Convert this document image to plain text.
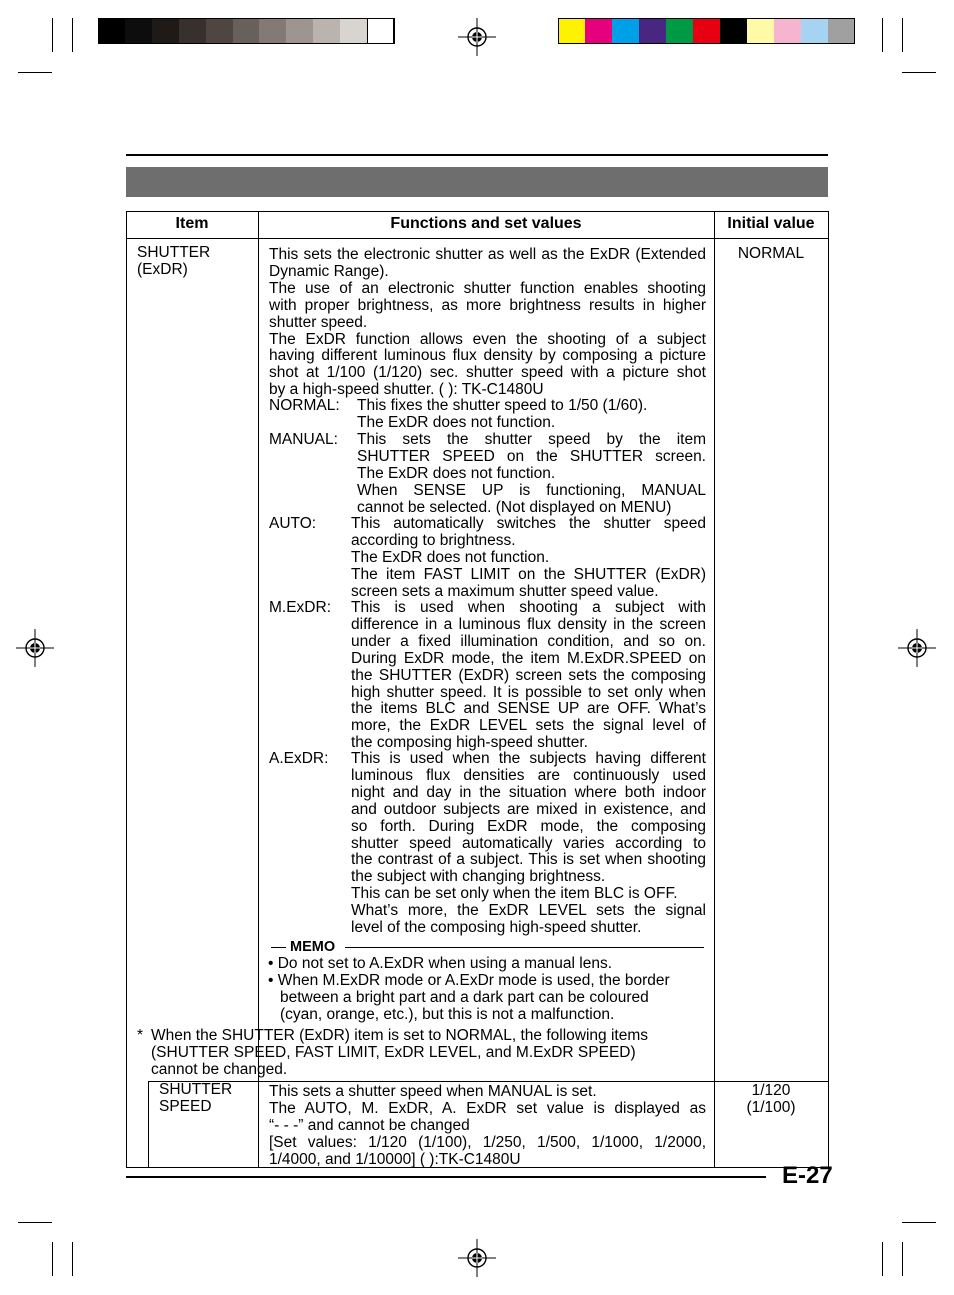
Item	Functions and set values	Initial value
SHUTTER
(ExDR)
NORMAL
This sets the electronic shutter as well as the ExDR (Extended
Dynamic Range).
The use of an electronic shutter function enables shooting
with proper brightness, as more brightness results in higher
shutter speed.
The ExDR function allows even the shooting of a subject
having different luminous flux density by composing a picture
shot at 1/100 (1/120) sec. shutter speed with a picture shot
by a high-speed shutter. ( ): TK-C1480U
NORMAL: This fixes the shutter speed to 1/50 (1/60).
The ExDR does not function.
MANUAL: This sets the shutter speed by the item
SHUTTER SPEED on the SHUTTER screen.
The ExDR does not function.
When SENSE UP is functioning, MANUAL
cannot be selected. (Not displayed on MENU)
AUTO: This automatically switches the shutter speed
according to brightness.
The ExDR does not function.
The item FAST LIMIT on the SHUTTER (ExDR)
screen sets a maximum shutter speed value.
M.ExDR: This is used when shooting a subject with
difference in a luminous flux density in the screen
under a fixed illumination condition, and so on.
During ExDR mode, the item M.ExDR.SPEED on
the SHUTTER (ExDR) screen sets the composing
high shutter speed. It is possible to set only when
the items BLC and SENSE UP are OFF. What’s
more, the ExDR LEVEL sets the signal level of
the composing high-speed shutter.
A.ExDR: This is used when the subjects having different
luminous flux densities are continuously used
night and day in the situation where both indoor
and outdoor subjects are mixed in existence, and
so forth. During ExDR mode, the composing
shutter speed automatically varies according to
the contrast of a subject. This is set when shooting
the subject with changing brightness.
This can be set only when the item BLC is OFF.
What’s more, the ExDR LEVEL sets the signal
level of the composing high-speed shutter.
MEMO
• Do not set to A.ExDR when using a manual lens.
• When M.ExDR mode or A.ExDr mode is used, the border
between a bright part and a dark part can be coloured
(cyan, orange, etc.), but this is not a malfunction.
* When the SHUTTER (ExDR) item is set to NORMAL, the following items
(SHUTTER SPEED, FAST LIMIT, ExDR LEVEL, and M.ExDR SPEED)
cannot be changed.
SHUTTER
SPEED
1/120
(1/100)
This sets a shutter speed when MANUAL is set.
The AUTO, M. ExDR, A. ExDR set value is displayed as
“- - -” and cannot be changed
[Set values: 1/120 (1/100), 1/250, 1/500, 1/1000, 1/2000,
1/4000, and 1/10000] ( ):TK-C1480U
E-27
